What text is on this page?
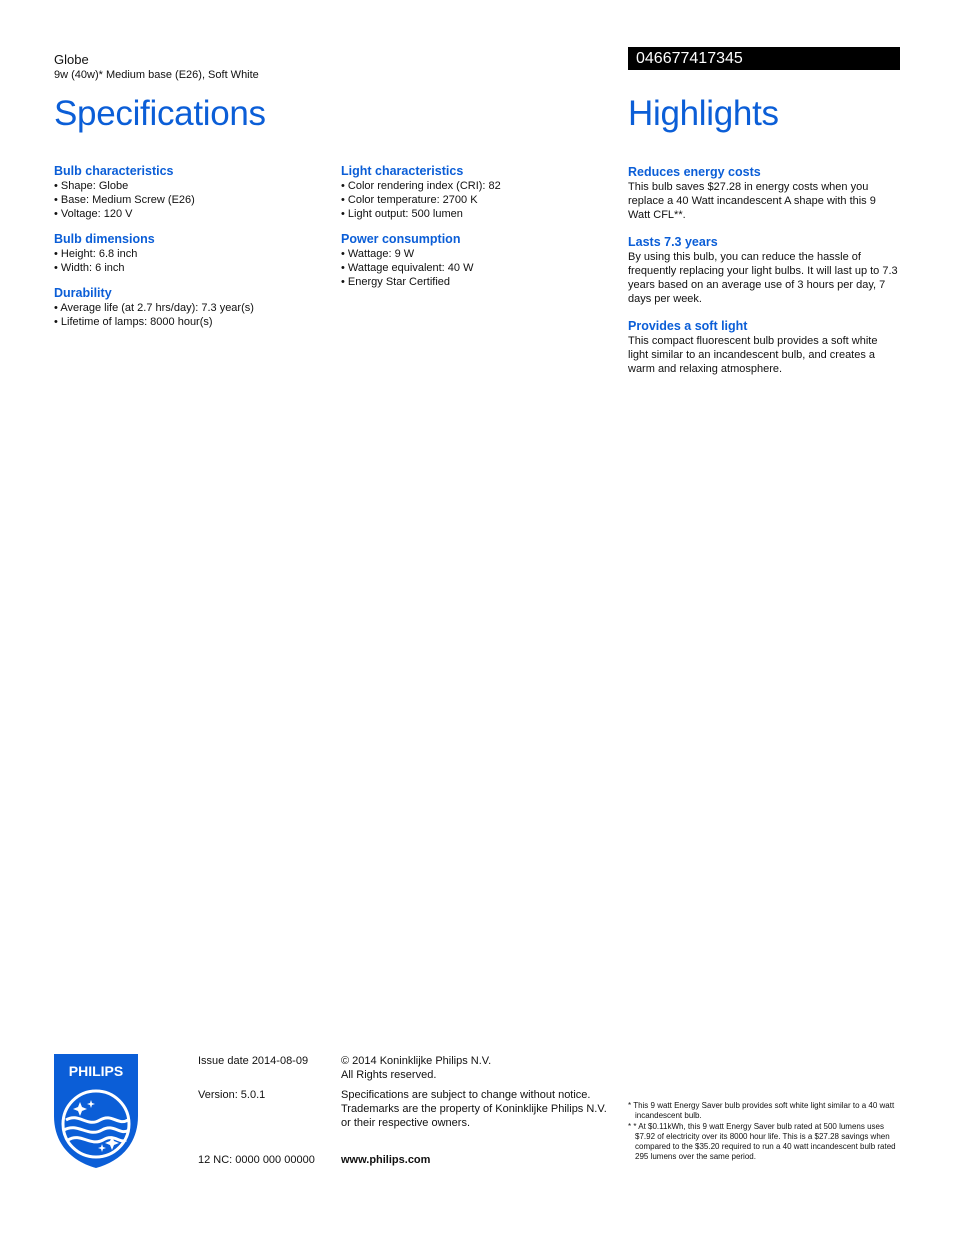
Globe
9w (40w)* Medium base (E26), Soft White
046677417345
Specifications	Highlights
Bulb characteristics
• Shape: Globe
• Base: Medium Screw (E26)
• Voltage: 120 V
Bulb dimensions
• Height: 6.8 inch
• Width: 6 inch
Durability
• Average life (at 2.7 hrs/day): 7.3 year(s)
• Lifetime of lamps: 8000 hour(s)
Light characteristics
• Color rendering index (CRI): 82
• Color temperature: 2700 K
• Light output: 500 lumen
Power consumption
• Wattage: 9 W
• Wattage equivalent: 40 W
• Energy Star Certified
Reduces energy costs
This bulb saves $27.28 in energy costs when you replace a 40 Watt incandescent A shape with this 9 Watt CFL**.
Lasts 7.3 years
By using this bulb, you can reduce the hassle of frequently replacing your light bulbs. It will last up to 7.3 years based on an average use of 3 hours per day, 7 days per week.
Provides a soft light
This compact fluorescent bulb provides a soft white light similar to an incandescent bulb, and creates a warm and relaxing atmosphere.
PHILIPS
Issue date 2014-08-09
Version: 5.0.1
12 NC: 0000 000 00000
© 2014 Koninklijke Philips N.V.
All Rights reserved.
Specifications are subject to change without notice. Trademarks are the property of Koninklijke Philips N.V. or their respective owners.
www.philips.com
* This 9 watt Energy Saver bulb provides soft white light similar to a 40 watt incandescent bulb.
* * At $0.11kWh, this 9 watt Energy Saver bulb rated at 500 lumens uses $7.92 of electricity over its 8000 hour life. This is a $27.28 savings when compared to the $35.20 required to run a 40 watt incandescent bulb rated 295 lumens over the same period.
